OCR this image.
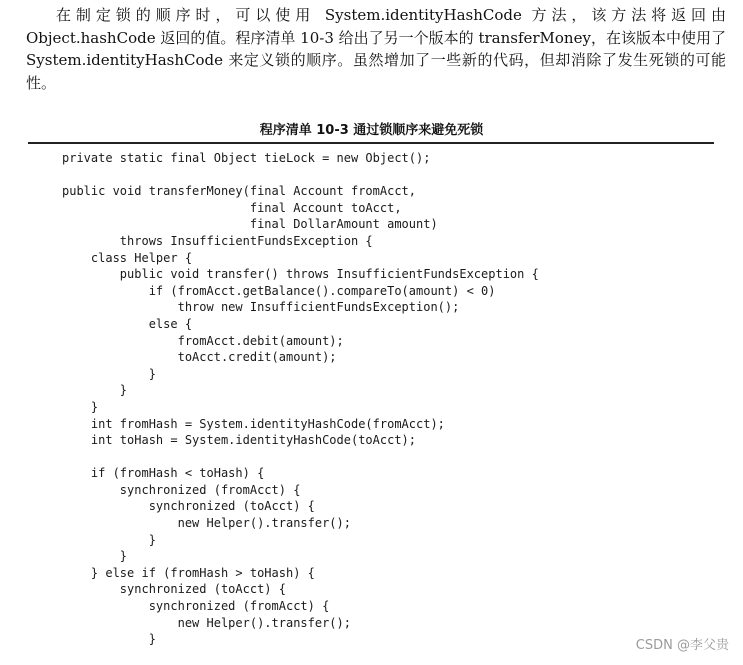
在制定锁的顺序时，可以使用 System.identityHashCode 方法，该方法将返回由 Object.hashCode 返回的值。程序清单 10-3 给出了另一个版本的 transferMoney，在该版本中使用了 System.identityHashCode 来定义锁的顺序。虽然增加了一些新的代码，但却消除了发生死锁的可能性。

程序清单 10-3 通过锁顺序来避免死锁
private static final Object tieLock = new Object();
public void transferMoney(final Account fromAcct,
final Account toAcct,
final DollarAmount amount)
throws InsufficientFundsException {
class Helper {
public void transfer() throws InsufficientFundsException {
if (fromAcct.getBalance().compareTo(amount) < 0)
throw new InsufficientFundsException();
else {
fromAcct.debit(amount);
toAcct.credit(amount);
}
}
}
int fromHash = System.identityHashCode(fromAcct);
int toHash = System.identityHashCode(toAcct);
if (fromHash < toHash) {
synchronized (fromAcct) {
synchronized (toAcct) {
new Helper().transfer();
}
}
} else if (fromHash > toHash) {
synchronized (toAcct) {
synchronized (fromAcct) {
new Helper().transfer();
}	CSDN @李父贵
